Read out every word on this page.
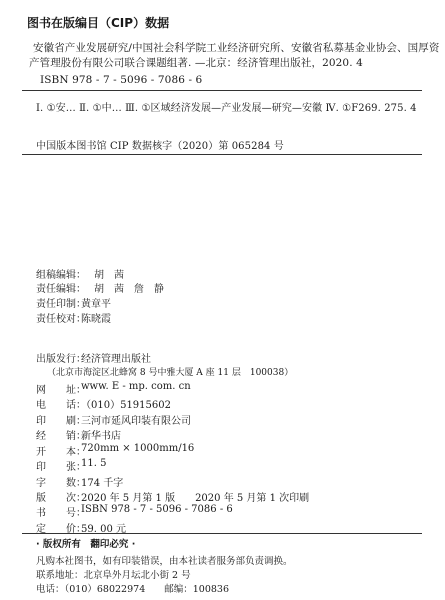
图书在版编目（CIP）数据
安徽省产业发展研究/中国社会科学院工业经济研究所、安徽省私募基金业协会、国厚资
产管理股份有限公司联合课题组著. —北京：经济管理出版社，2020. 4
ISBN 978 - 7 - 5096 - 7086 - 6
Ⅰ. ①安… Ⅱ. ①中… Ⅲ. ①区域经济发展—产业发展—研究—安徽 Ⅳ. ①F269. 275. 4
中国版本图书馆 CIP 数据核字（2020）第 065284 号
组稿编辑： 胡　茜
责任编辑： 胡　茜　詹　静
责任印制：
黄章平
责任校对：
陈晓霞
出版发行：
经济管理出版社
（北京市海淀区北蜂窝 8 号中雅大厦 A 座 11 层　100038）
网　　址：
www. E - mp. com. cn
电　　话：
（010）51915602
印　　刷：
三河市延风印装有限公司
经　　销：
新华书店
开　　本：
720mm × 1000mm/16
印　　张：
11. 5
字　　数：
174 千字
版　　次：
2020 年 5 月第 1 版　　2020 年 5 月第 1 次印刷
书　　号：
ISBN 978 - 7 - 5096 - 7086 - 6
定　　价：
59. 00 元
· 版权所有　翻印必究 ·
凡购本社图书，如有印装错误，由本社读者服务部负责调换。
联系地址：北京阜外月坛北小街 2 号
电话：（010）68022974　　邮编：100836
